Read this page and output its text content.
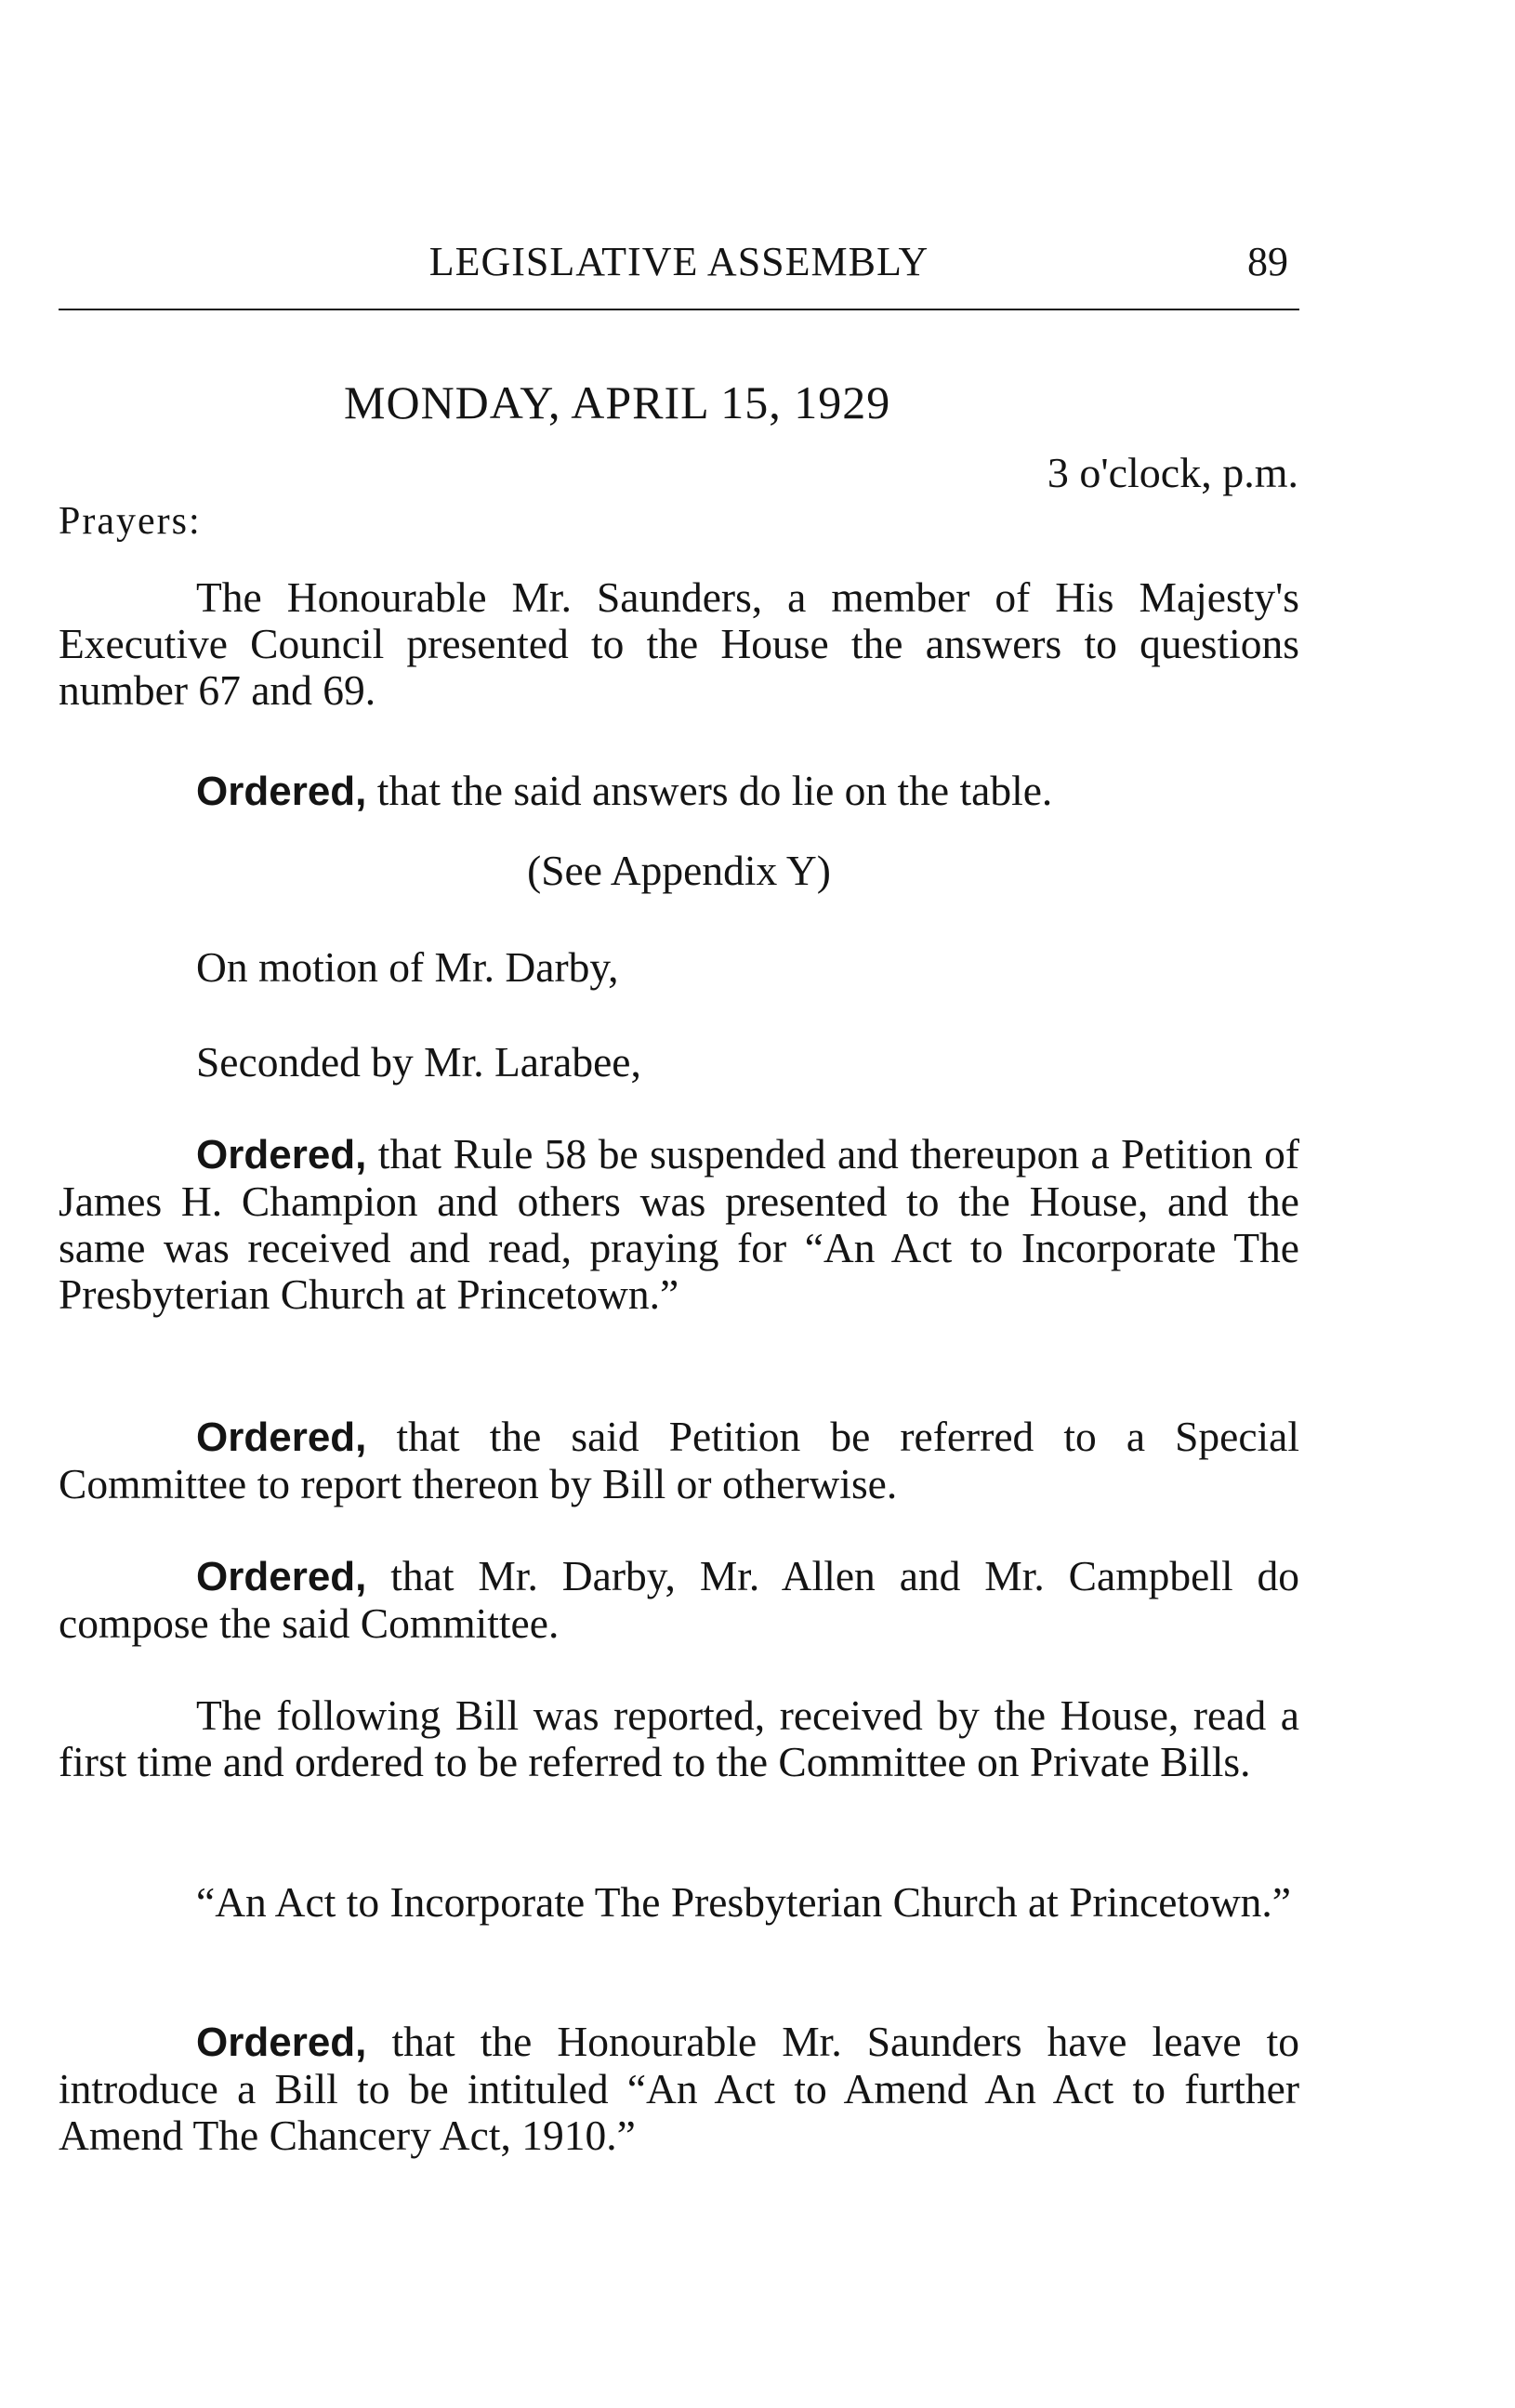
LEGISLATIVE ASSEMBLY	89
MONDAY, APRIL 15, 1929
3 o'clock, p.m.
Prayers:

The Honourable Mr. Saunders, a member of His Majesty's Executive Council presented to the House the answers to questions number 67 and 69.

Ordered, that the said answers do lie on the table.

(See Appendix Y)
On motion of Mr. Darby,
Seconded by Mr. Larabee,

Ordered, that Rule 58 be suspended and thereupon a Petition of James H. Champion and others was presented to the House, and the same was received and read, praying for “An Act to Incorporate The Presbyterian Church at Princetown.”

Ordered, that the said Petition be referred to a Special Committee to report thereon by Bill or otherwise.

Ordered, that Mr. Darby, Mr. Allen and Mr. Campbell do compose the said Committee.

The following Bill was reported, received by the House, read a first time and ordered to be referred to the Committee on Private Bills.

“An Act to Incorporate The Presbyterian Church at Princetown.”

Ordered, that the Honourable Mr. Saunders have leave to introduce a Bill to be intituled “An Act to Amend An Act to further Amend The Chancery Act, 1910.”
